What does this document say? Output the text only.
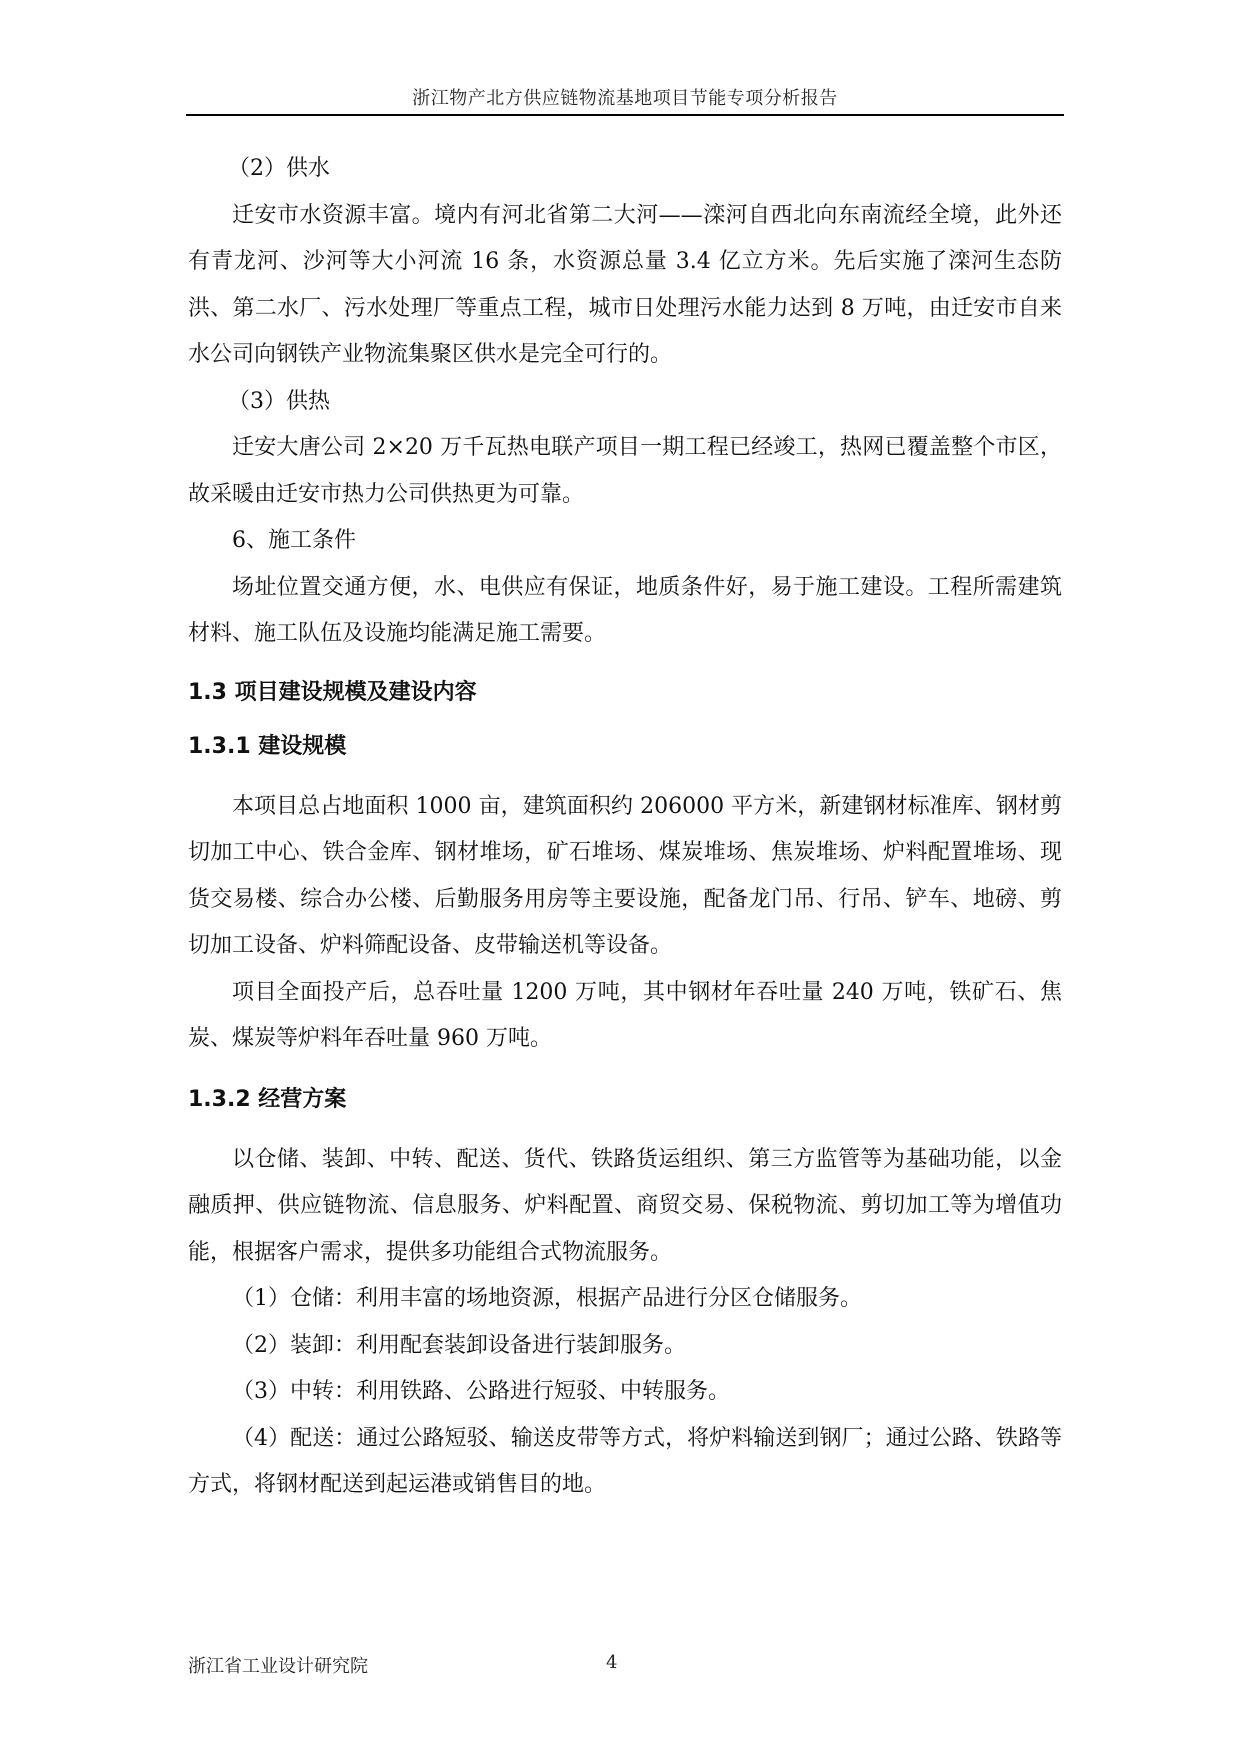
浙江物产北方供应链物流基地项目节能专项分析报告

（2）供水

迁安市水资源丰富。境内有河北省第二大河——滦河自西北向东南流经全境，此外还有青龙河、沙河等大小河流 16 条，水资源总量 3.4 亿立方米。先后实施了滦河生态防洪、第二水厂、污水处理厂等重点工程，城市日处理污水能力达到 8 万吨，由迁安市自来水公司向钢铁产业物流集聚区供水是完全可行的。

（3）供热

迁安大唐公司 2×20 万千瓦热电联产项目一期工程已经竣工，热网已覆盖整个市区，故采暖由迁安市热力公司供热更为可靠。

6、施工条件

场址位置交通方便，水、电供应有保证，地质条件好，易于施工建设。工程所需建筑材料、施工队伍及设施均能满足施工需要。

1.3 项目建设规模及建设内容

1.3.1 建设规模

本项目总占地面积 1000 亩，建筑面积约 206000 平方米，新建钢材标准库、钢材剪切加工中心、铁合金库、钢材堆场，矿石堆场、煤炭堆场、焦炭堆场、炉料配置堆场、现货交易楼、综合办公楼、后勤服务用房等主要设施，配备龙门吊、行吊、铲车、地磅、剪切加工设备、炉料筛配设备、皮带输送机等设备。

项目全面投产后，总吞吐量 1200 万吨，其中钢材年吞吐量 240 万吨，铁矿石、焦炭、煤炭等炉料年吞吐量 960 万吨。

1.3.2 经营方案

以仓储、装卸、中转、配送、货代、铁路货运组织、第三方监管等为基础功能，以金融质押、供应链物流、信息服务、炉料配置、商贸交易、保税物流、剪切加工等为增值功能，根据客户需求，提供多功能组合式物流服务。

（1）仓储：利用丰富的场地资源，根据产品进行分区仓储服务。

（2）装卸：利用配套装卸设备进行装卸服务。

（3）中转：利用铁路、公路进行短驳、中转服务。

（4）配送：通过公路短驳、输送皮带等方式，将炉料输送到钢厂；通过公路、铁路等方式，将钢材配送到起运港或销售目的地。

浙江省工业设计研究院	4
